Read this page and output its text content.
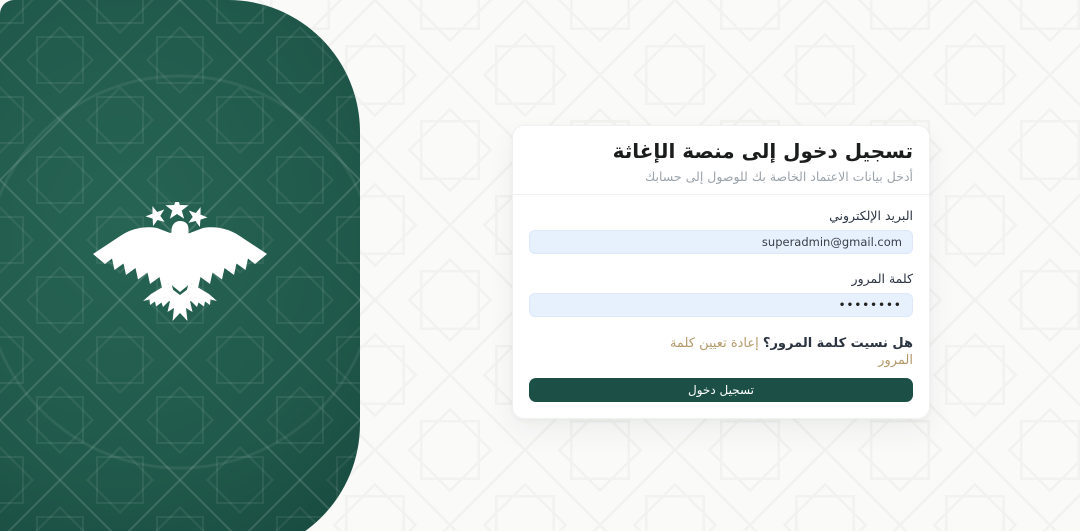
تسجيل دخول إلى منصة الإغاثة
أدخل بيانات الاعتماد الخاصة بك للوصول إلى حسابك
البريد الإلكتروني
superadmin@gmail.com
كلمة المرور
••••••••
هل نسيت كلمة المرور؟ إعادة تعيين كلمة المرور
تسجيل دخول
